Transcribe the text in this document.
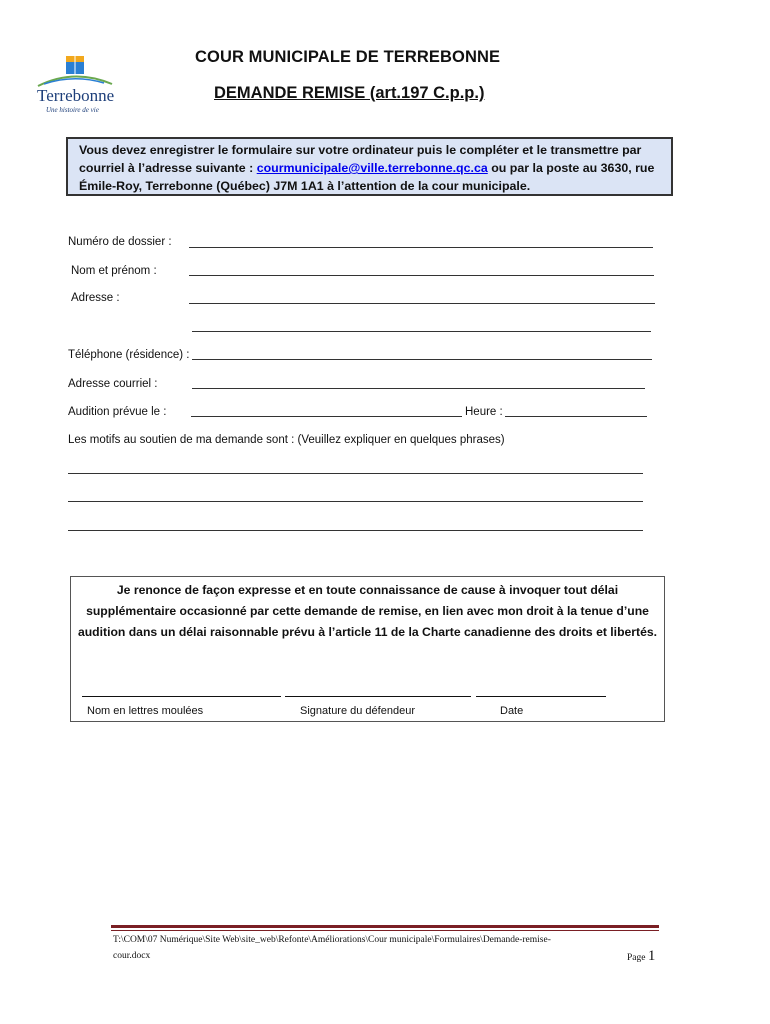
Terrebonne
Une histoire de vie
COUR MUNICIPALE DE TERREBONNE
DEMANDE REMISE (art.197 C.p.p.)
Vous devez enregistrer le formulaire sur votre ordinateur puis le compléter et le transmettre par courriel à l’adresse suivante : courmunicipale@ville.terrebonne.qc.ca ou par la poste au 3630, rue Émile-Roy, Terrebonne (Québec) J7M 1A1 à l’attention de la cour municipale.
Numéro de dossier :
Nom et prénom :
Adresse :
Téléphone (résidence) :
Adresse courriel :
Audition prévue le :	Heure :
Les motifs au soutien de ma demande sont : (Veuillez expliquer en quelques phrases)
Je renonce de façon expresse et en toute connaissance de cause à invoquer tout délai supplémentaire occasionné par cette demande de remise, en lien avec mon droit à la tenue d’une audition dans un délai raisonnable prévu à l’article 11 de la Charte canadienne des droits et libertés.
Nom en lettres moulées	Signature du défendeur	Date
T:\COM\07 Numérique\Site Web\site_web\Refonte\Améliorations\Cour municipale\Formulaires\Demande-remise-
cour.docx	Page 1
